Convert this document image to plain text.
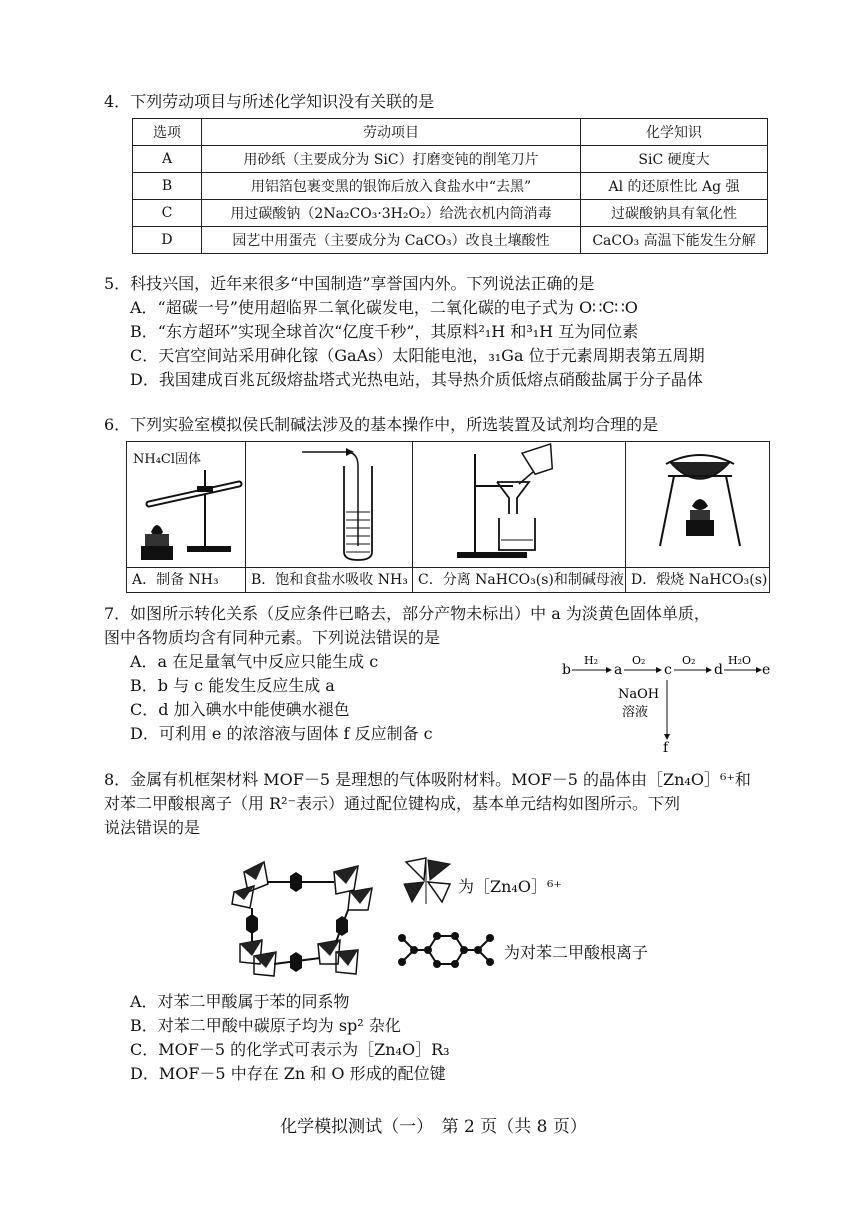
4．下列劳动项目与所述化学知识没有关联的是

选项	劳动项目	化学知识
A	用砂纸（主要成分为 SiC）打磨变钝的削笔刀片	SiC 硬度大
B	用铝箔包裹变黑的银饰后放入食盐水中“去黑”	Al 的还原性比 Ag 强
C	用过碳酸钠（2Na₂CO₃·3H₂O₂）给洗衣机内筒消毒	过碳酸钠具有氧化性
D	园艺中用蛋壳（主要成分为 CaCO₃）改良土壤酸性	CaCO₃ 高温下能发生分解

5．科技兴国，近年来很多“中国制造”享誉国内外。下列说法正确的是

A．“超碳一号”使用超临界二氧化碳发电，二氧化碳的电子式为 O∷C∷O
B．“东方超环”实现全球首次“亿度千秒”，其原料²₁H 和³₁H 互为同位素
C．天宫空间站采用砷化镓（GaAs）太阳能电池，₃₁Ga 位于元素周期表第五周期
D．我国建成百兆瓦级熔盐塔式光热电站，其导热介质低熔点硝酸盐属于分子晶体

6．下列实验室模拟侯氏制碱法涉及的基本操作中，所选装置及试剂均合理的是

NH₄Cl固体
A．制备 NH₃	B．饱和食盐水吸收 NH₃ C．分离 NaHCO₃(s)和制碱母液 D．煅烧 NaHCO₃(s)

7．如图所示转化关系（反应条件已略去，部分产物未标出）中 a 为淡黄色固体单质，

图中各物质均含有同种元素。下列说法错误的是

A．a 在足量氧气中反应只能生成 c
B．b 与 c 能发生反应生成 a
C．d 加入碘水中能使碘水褪色
D．可利用 e 的浓溶液与固体 f 反应制备 c
b
H₂
a
O₂
c
O₂
d
H₂O
e
NaOH
溶液
f

8．金属有机框架材料 MOF－5 是理想的气体吸附材料。MOF－5 的晶体由［Zn₄O］⁶⁺和

对苯二甲酸根离子（用 R²⁻表示）通过配位键构成，基本单元结构如图所示。下列

说法错误的是

为［Zn₄O］⁶⁺
为对苯二甲酸根离子
A．对苯二甲酸属于苯的同系物
B．对苯二甲酸中碳原子均为 sp² 杂化
C．MOF－5 的化学式可表示为［Zn₄O］R₃
D．MOF－5 中存在 Zn 和 O 形成的配位键
化学模拟测试（一）　第 2 页（共 8 页）
